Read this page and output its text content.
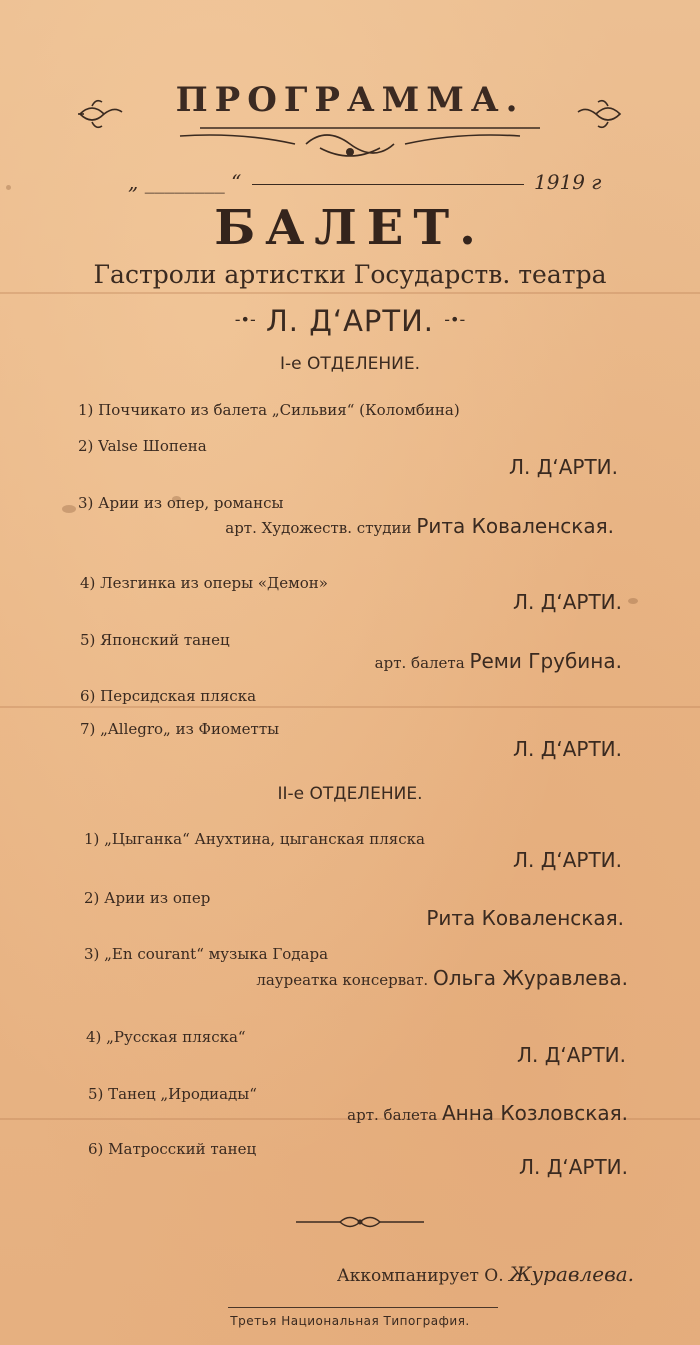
ПРОГРАММА.
„ ________ “	1919 г
БАЛЕТ.
Гастроли артистки Государств. театра
-•- Л. Д‘АРТИ. -•-
I-е ОТДЕЛЕНИЕ.
1) Поччикато из балета „Сильвия“ (Коломбина)
2) Valse Шопена
Л. Д‘АРТИ.
3) Арии из опер, романсы
арт. Художеств. студии Рита Коваленская.
4) Лезгинка из оперы «Демон»
Л. Д‘АРТИ.
5) Японский танец
арт. балета Реми Грубина.
6) Персидская пляска
7) „Allegro„ из Фиометты
Л. Д‘АРТИ.
II-е ОТДЕЛЕНИЕ.
1) „Цыганка“ Анухтина, цыганская пляска
Л. Д‘АРТИ.
2) Арии из опер
Рита Коваленская.
3) „En courant“ музыка Годара
лауреатка консерват. Ольга Журавлева.
4) „Русская пляска“
Л. Д‘АРТИ.
5) Танец „Иродиады“
арт. балета Анна Козловская.
6) Матросский танец
Л. Д‘АРТИ.
Аккомпанирует О. Журавлева.
Третья Национальная Типография.
